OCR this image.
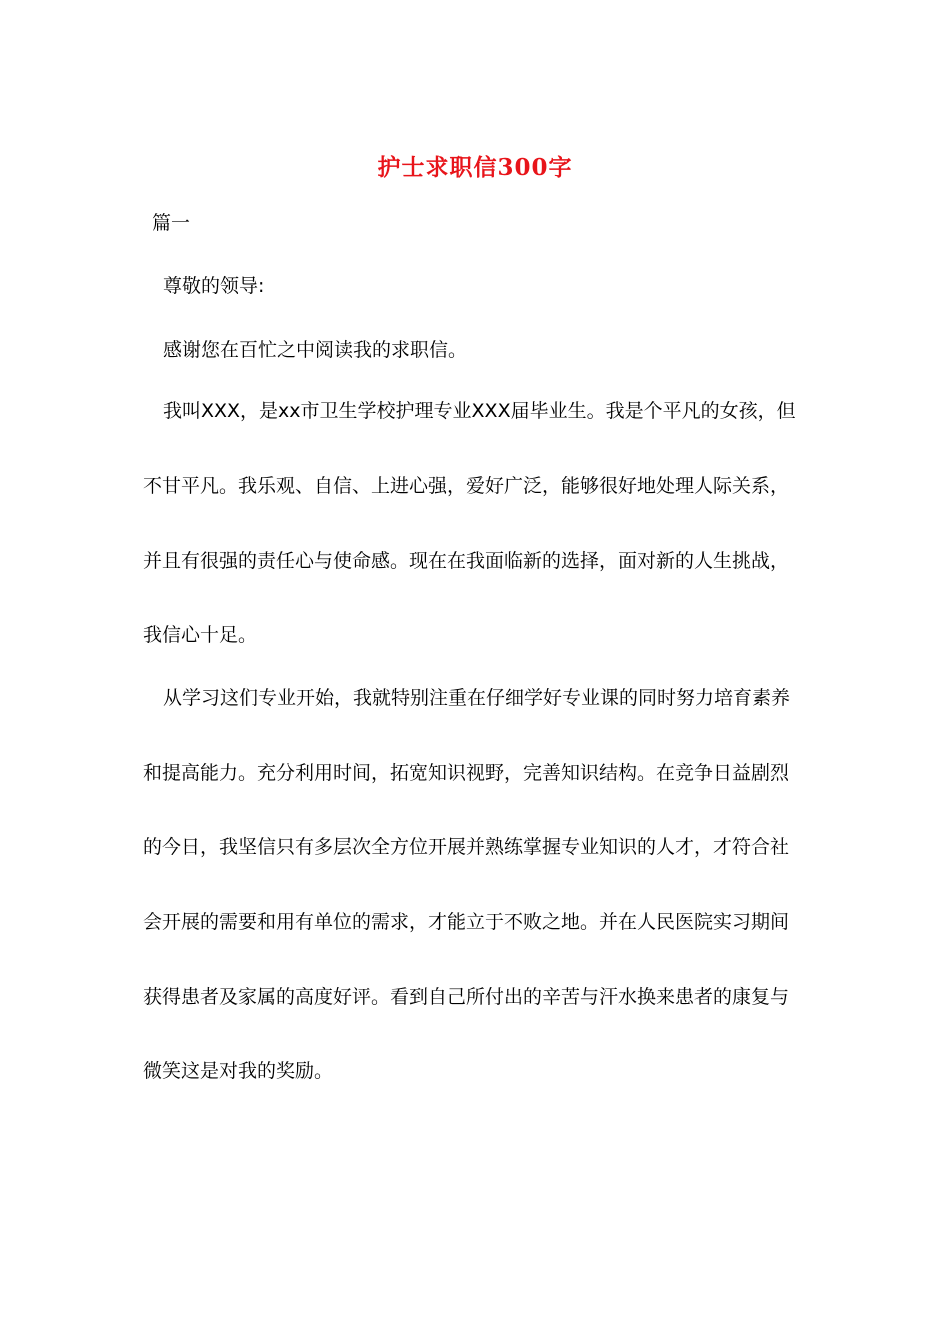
护士求职信300字
篇一
尊敬的领导:
感谢您在百忙之中阅读我的求职信。
我叫XXX，是xx市卫生学校护理专业XXX届毕业生。我是个平凡的女孩，但
不甘平凡。我乐观、自信、上进心强，爱好广泛，能够很好地处理人际关系，
并且有很强的责任心与使命感。现在在我面临新的选择，面对新的人生挑战，
我信心十足。
从学习这们专业开始，我就特别注重在仔细学好专业课的同时努力培育素养
和提高能力。充分利用时间，拓宽知识视野，完善知识结构。在竞争日益剧烈
的今日，我坚信只有多层次全方位开展并熟练掌握专业知识的人才，才符合社
会开展的需要和用有单位的需求，才能立于不败之地。并在人民医院实习期间
获得患者及家属的高度好评。看到自己所付出的辛苦与汗水换来患者的康复与
微笑这是对我的奖励。
